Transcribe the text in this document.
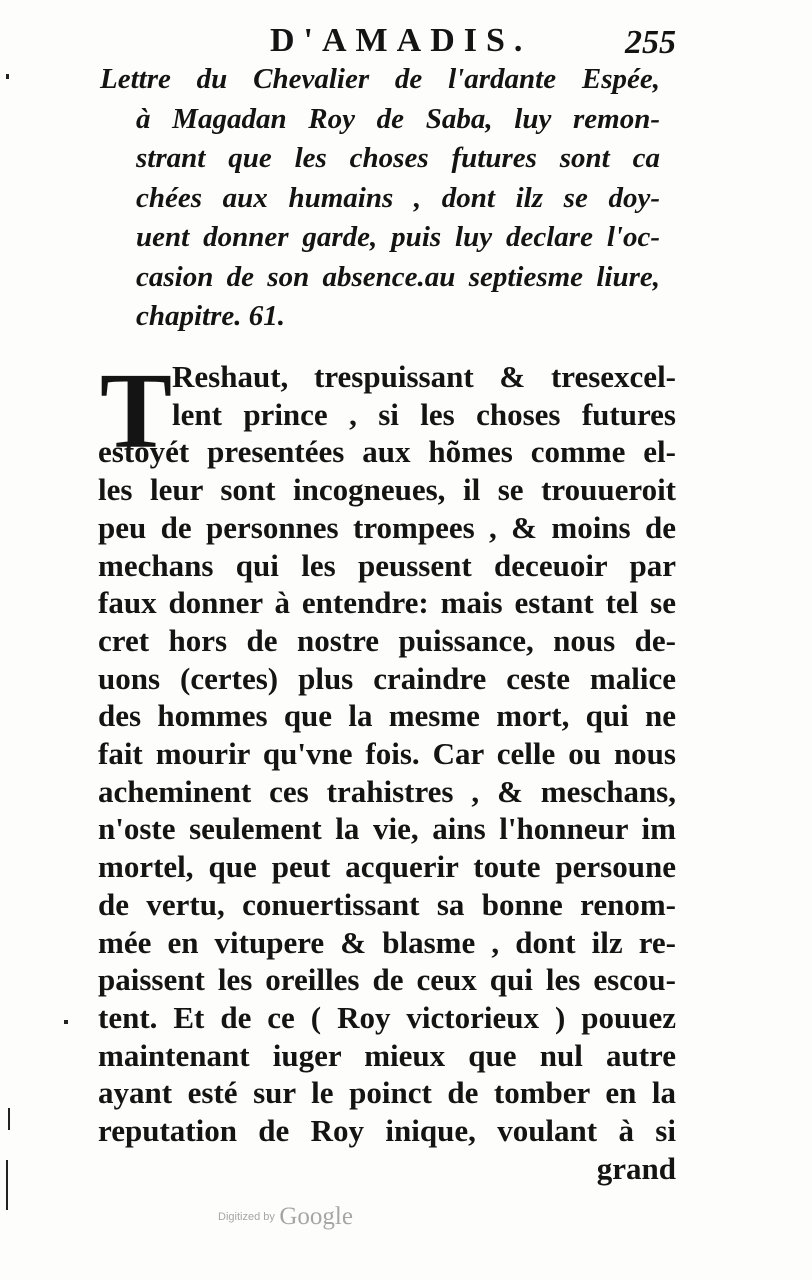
D'AMADIS.	255
Lettre du Chevalier de l'ardante Espée,
à Magadan Roy de Saba, luy remon-
strant que les choses futures sont ca
chées aux humains , dont ilz se doy-
uent donner garde, puis luy declare l'oc-
casion de son absence.au septiesme liure,
chapitre. 61.
T Reshaut, trespuissant & tresexcel-
lent prince , si les choses futures
estoyét presentées aux hõmes comme el-
les leur sont incogneues, il se trouueroit
peu de personnes trompees , & moins de
mechans qui les peussent deceuoir par
faux donner à entendre: mais estant tel se
cret hors de nostre puissance, nous de-
uons (certes) plus craindre ceste malice
des hommes que la mesme mort, qui ne
fait mourir qu'vne fois. Car celle ou nous
acheminent ces trahistres , & meschans,
n'oste seulement la vie, ains l'honneur im
mortel, que peut acquerir toute persoune
de vertu, conuertissant sa bonne renom-
mée en vitupere & blasme , dont ilz re-
paissent les oreilles de ceux qui les escou-
tent. Et de ce ( Roy victorieux ) pouuez
maintenant iuger mieux que nul autre
ayant esté sur le poinct de tomber en la
reputation de Roy inique, voulant à si
grand
Digitized by Google
